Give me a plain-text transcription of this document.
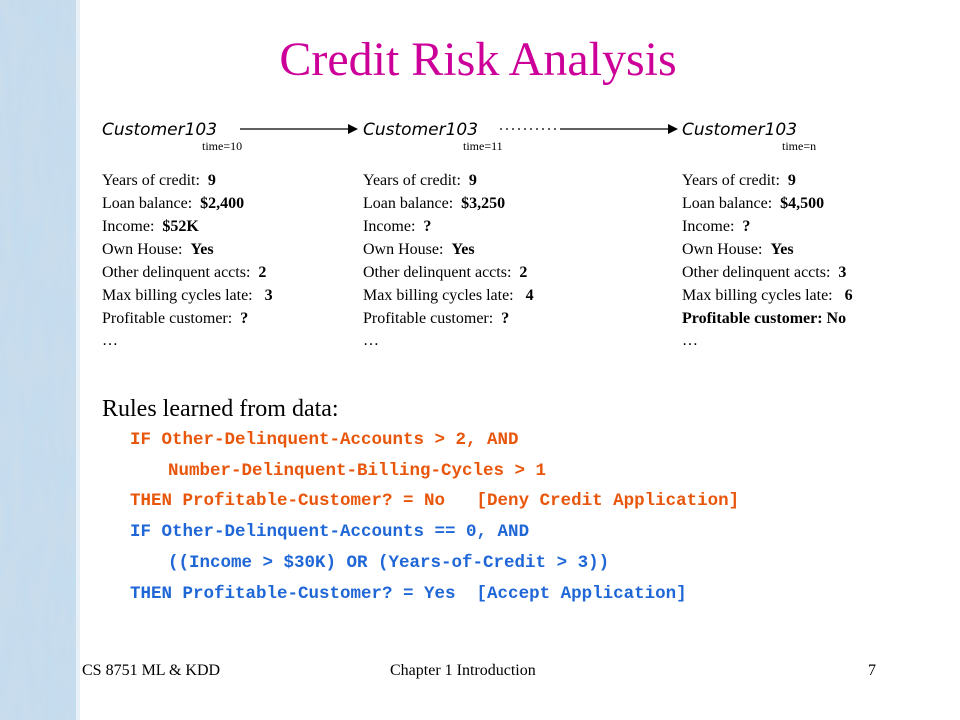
Credit Risk Analysis
Customer103
time=10
Years of credit: 9
Loan balance: $2,400
Income: $52K
Own House: Yes
Other delinquent accts: 2
Max billing cycles late: 3
Profitable customer: ?
…
Customer103
time=11
Years of credit: 9
Loan balance: $3,250
Income: ?
Own House: Yes
Other delinquent accts: 2
Max billing cycles late: 4
Profitable customer: ?
…
Customer103
time=n
Years of credit: 9
Loan balance: $4,500
Income: ?
Own House: Yes
Other delinquent accts: 3
Max billing cycles late: 6
Profitable customer: No
…
Rules learned from data:
IF Other-Delinquent-Accounts > 2, AND
Number-Delinquent-Billing-Cycles > 1
THEN Profitable-Customer? = No   [Deny Credit Application]
IF Other-Delinquent-Accounts == 0, AND
((Income > $30K) OR (Years-of-Credit > 3))
THEN Profitable-Customer? = Yes  [Accept Application]
CS 8751 ML & KDD	Chapter 1 Introduction	7
